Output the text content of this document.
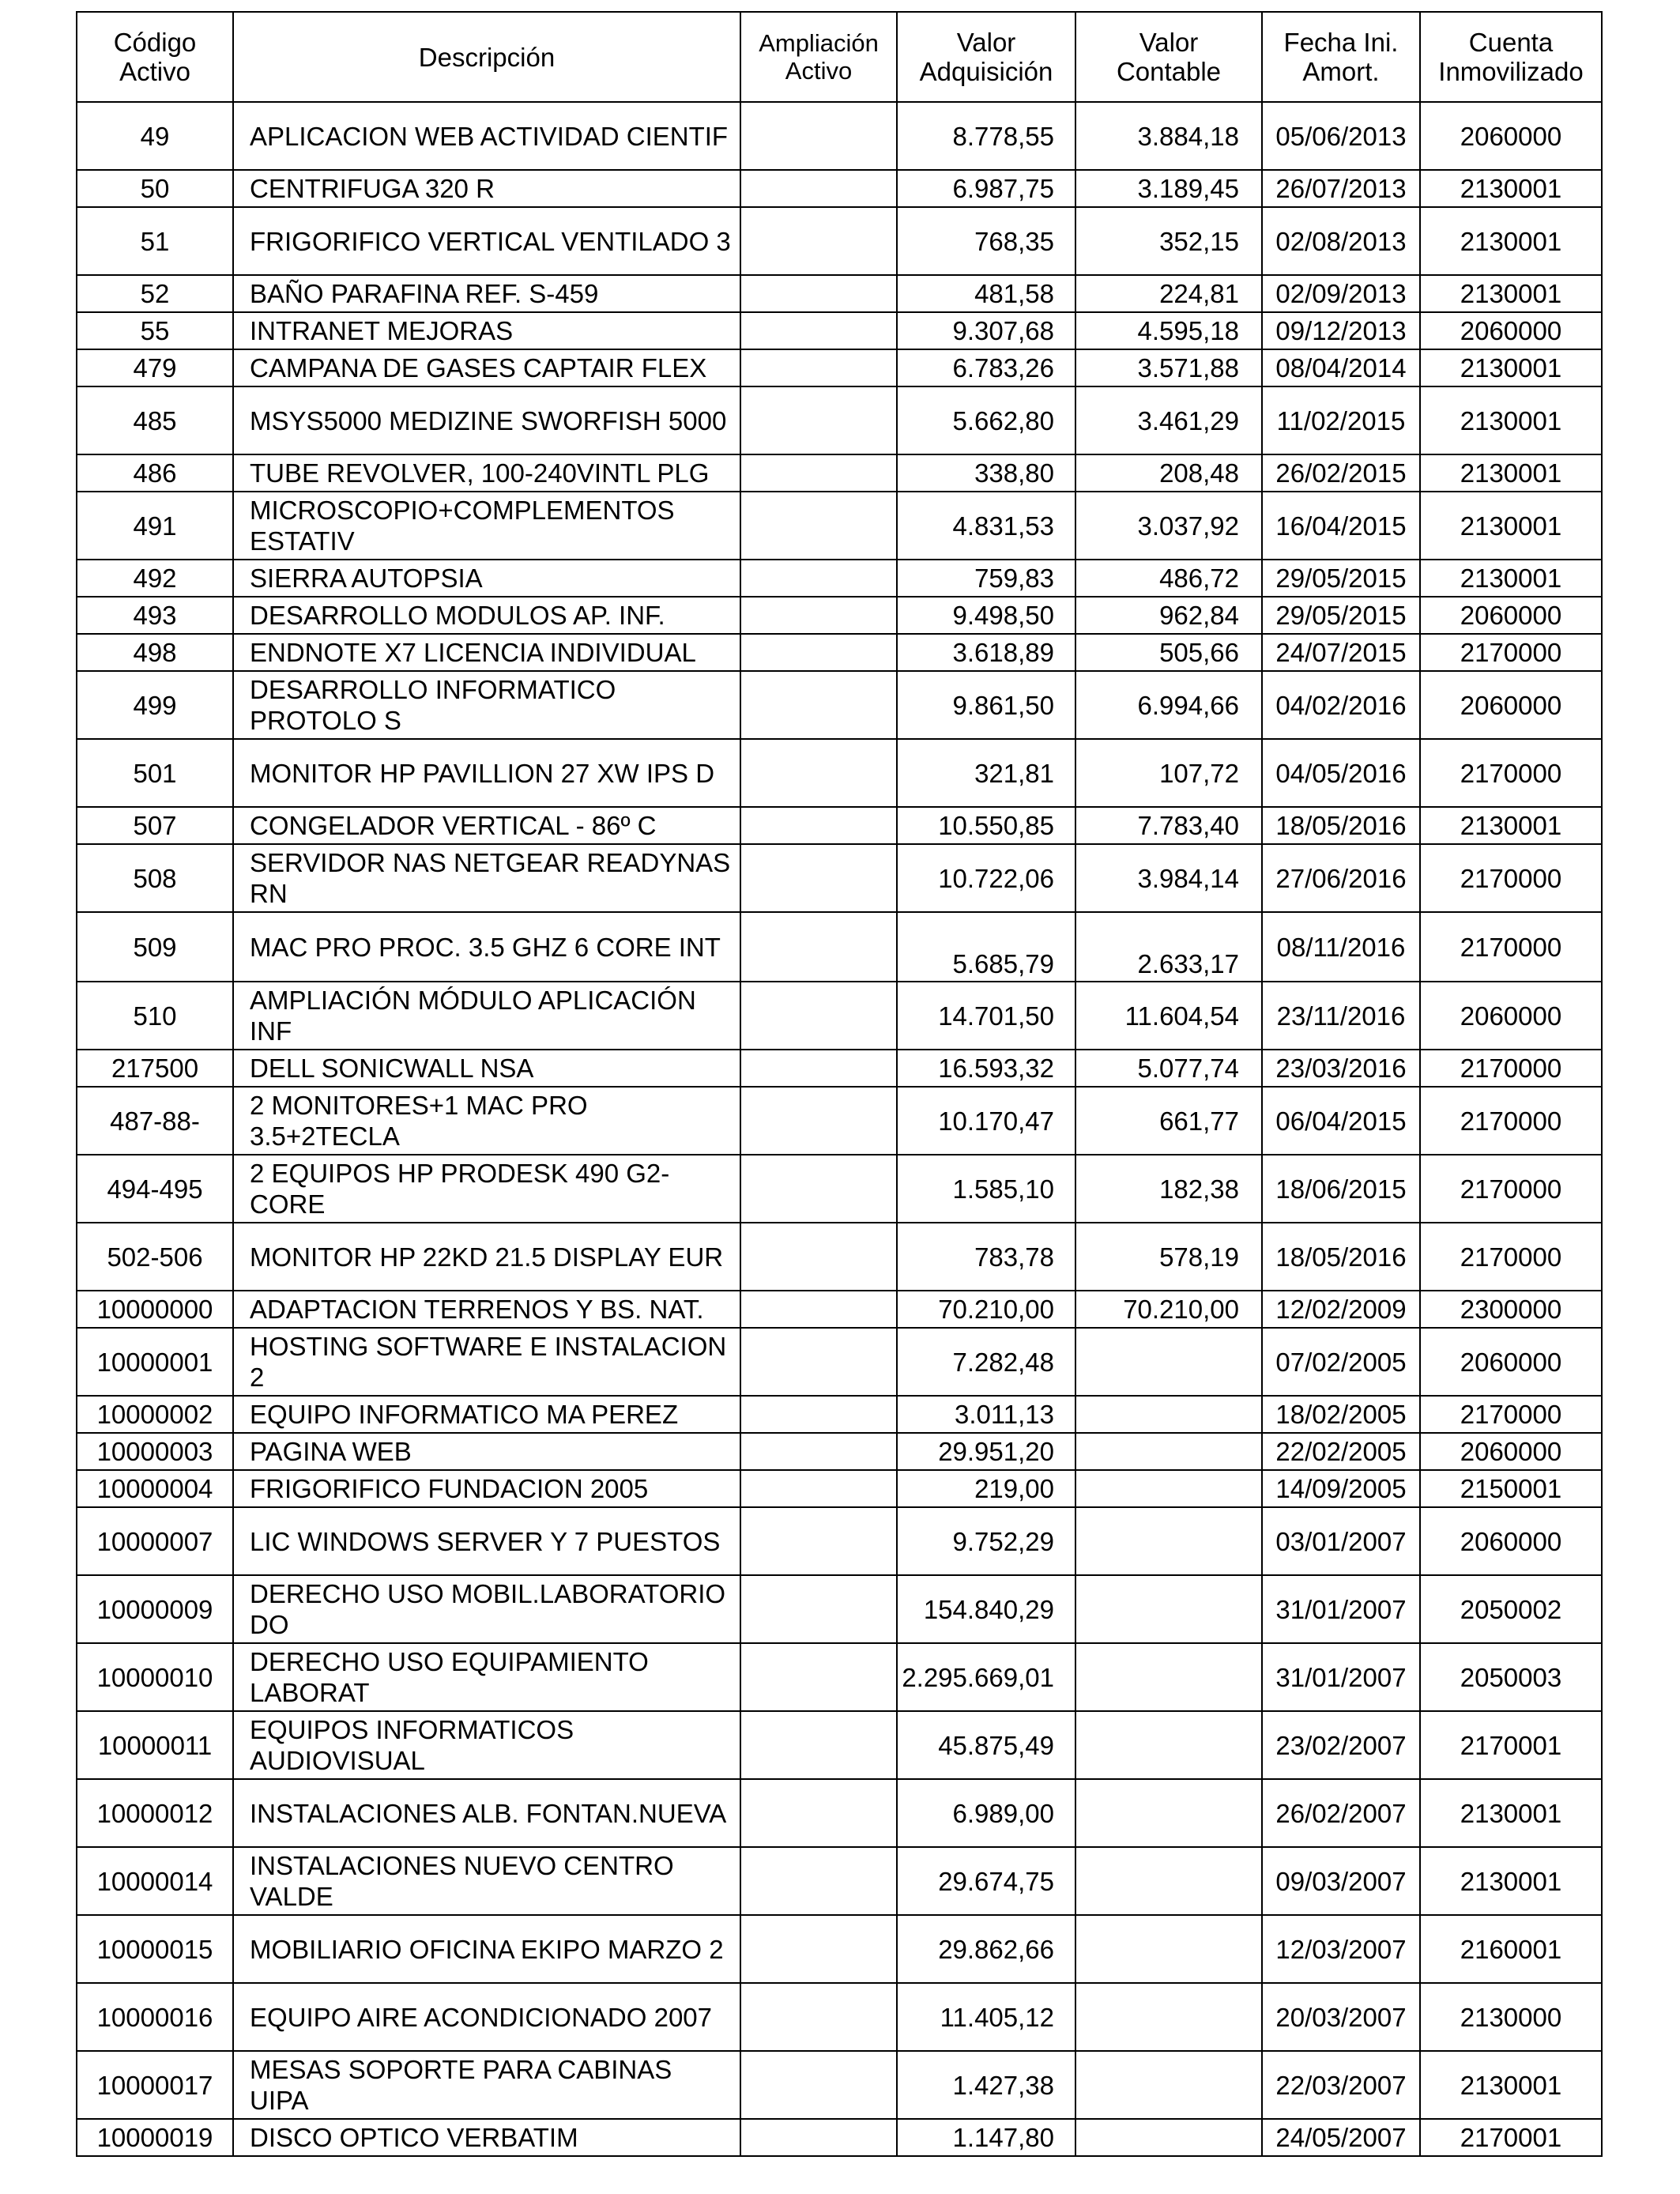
Código Activo	Descripción	Ampliación Activo	Valor Adquisición	Valor Contable	Fecha Ini. Amort.	Cuenta Inmovilizado
49	APLICACION WEB ACTIVIDAD CIENTIF		8.778,55	3.884,18	05/06/2013	2060000
50	CENTRIFUGA 320 R		6.987,75	3.189,45	26/07/2013	2130001
51	FRIGORIFICO VERTICAL VENTILADO 3		768,35	352,15	02/08/2013	2130001
52	BAÑO PARAFINA REF. S-459		481,58	224,81	02/09/2013	2130001
55	INTRANET MEJORAS		9.307,68	4.595,18	09/12/2013	2060000
479	CAMPANA DE GASES CAPTAIR FLEX		6.783,26	3.571,88	08/04/2014	2130001
485	MSYS5000 MEDIZINE SWORFISH 5000		5.662,80	3.461,29	11/02/2015	2130001
486	TUBE REVOLVER, 100-240VINTL PLG		338,80	208,48	26/02/2015	2130001
491	MICROSCOPIO+COMPLEMENTOS ESTATIV		4.831,53	3.037,92	16/04/2015	2130001
492	SIERRA AUTOPSIA		759,83	486,72	29/05/2015	2130001
493	DESARROLLO MODULOS AP. INF.		9.498,50	962,84	29/05/2015	2060000
498	ENDNOTE X7 LICENCIA INDIVIDUAL		3.618,89	505,66	24/07/2015	2170000
499	DESARROLLO INFORMATICO PROTOLO S		9.861,50	6.994,66	04/02/2016	2060000
501	MONITOR HP PAVILLION 27 XW IPS D		321,81	107,72	04/05/2016	2170000
507	CONGELADOR VERTICAL - 86º C		10.550,85	7.783,40	18/05/2016	2130001
508	SERVIDOR NAS NETGEAR READYNAS RN		10.722,06	3.984,14	27/06/2016	2170000
509	MAC PRO PROC. 3.5 GHZ 6 CORE INT		5.685,79	2.633,17	08/11/2016	2170000
510	AMPLIACIÓN MÓDULO APLICACIÓN INF		14.701,50	11.604,54	23/11/2016	2060000
217500	DELL SONICWALL NSA		16.593,32	5.077,74	23/03/2016	2170000
487-88-	2 MONITORES+1 MAC PRO 3.5+2TECLA		10.170,47	661,77	06/04/2015	2170000
494-495	2 EQUIPOS HP PRODESK 490 G2-CORE		1.585,10	182,38	18/06/2015	2170000
502-506	MONITOR HP 22KD 21.5 DISPLAY EUR		783,78	578,19	18/05/2016	2170000
10000000	ADAPTACION TERRENOS Y BS. NAT.		70.210,00	70.210,00	12/02/2009	2300000
10000001	HOSTING SOFTWARE E INSTALACION 2		7.282,48		07/02/2005	2060000
10000002	EQUIPO INFORMATICO MA PEREZ		3.011,13		18/02/2005	2170000
10000003	PAGINA WEB		29.951,20		22/02/2005	2060000
10000004	FRIGORIFICO FUNDACION 2005		219,00		14/09/2005	2150001
10000007	LIC WINDOWS SERVER Y 7 PUESTOS		9.752,29		03/01/2007	2060000
10000009	DERECHO USO MOBIL.LABORATORIO DO		154.840,29		31/01/2007	2050002
10000010	DERECHO USO EQUIPAMIENTO LABORAT		2.295.669,01		31/01/2007	2050003
10000011	EQUIPOS INFORMATICOS AUDIOVISUAL		45.875,49		23/02/2007	2170001
10000012	INSTALACIONES ALB. FONTAN.NUEVA		6.989,00		26/02/2007	2130001
10000014	INSTALACIONES NUEVO CENTRO VALDE		29.674,75		09/03/2007	2130001
10000015	MOBILIARIO OFICINA EKIPO MARZO 2		29.862,66		12/03/2007	2160001
10000016	EQUIPO AIRE ACONDICIONADO 2007		11.405,12		20/03/2007	2130000
10000017	MESAS SOPORTE PARA CABINAS UIPA		1.427,38		22/03/2007	2130001
10000019	DISCO OPTICO VERBATIM		1.147,80		24/05/2007	2170001
